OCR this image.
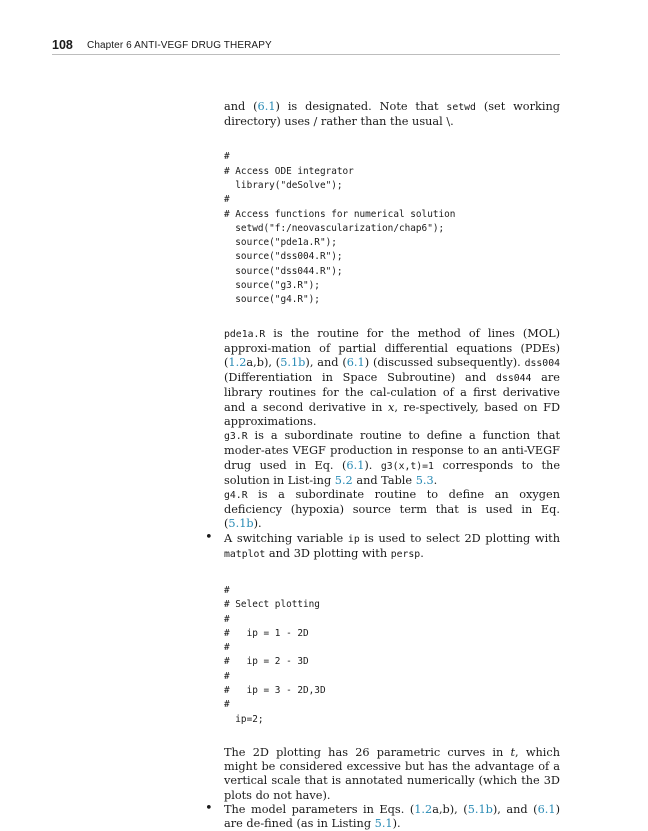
108 Chapter 6 ANTI-VEGF DRUG THERAPY

and (6.1) is designated. Note that setwd (set working directory) uses / rather than the usual \.

#
# Access ODE integrator
library("deSolve");
#
# Access functions for numerical solution
setwd("f:/neovascularization/chap6");
source("pde1a.R");
source("dss004.R");
source("dss044.R");
source("g3.R");
source("g4.R");

pde1a.R is the routine for the method of lines (MOL) approxi-mation of partial differential equations (PDEs) (1.2a,b), (5.1b), and (6.1) (discussed subsequently). dss004 (Differentiation in Space Subroutine) and dss044 are library routines for the cal-culation of a first derivative and a second derivative in x, re-spectively, based on FD approximations.

g3.R is a subordinate routine to define a function that moder-ates VEGF production in response to an anti-VEGF drug used in Eq. (6.1). g3(x,t)=1 corresponds to the solution in List-ing 5.2 and Table 5.3.

g4.R is a subordinate routine to define an oxygen deficiency (hypoxia) source term that is used in Eq. (5.1b).

• A switching variable ip is used to select 2D plotting with matplot and 3D plotting with persp.

#
# Select plotting
#
#   ip = 1 - 2D
#
#   ip = 2 - 3D
#
#   ip = 3 - 2D,3D
#
ip=2;

The 2D plotting has 26 parametric curves in t, which might be considered excessive but has the advantage of a vertical scale that is annotated numerically (which the 3D plots do not have).

• The model parameters in Eqs. (1.2a,b), (5.1b), and (6.1) are de-fined (as in Listing 5.1).
